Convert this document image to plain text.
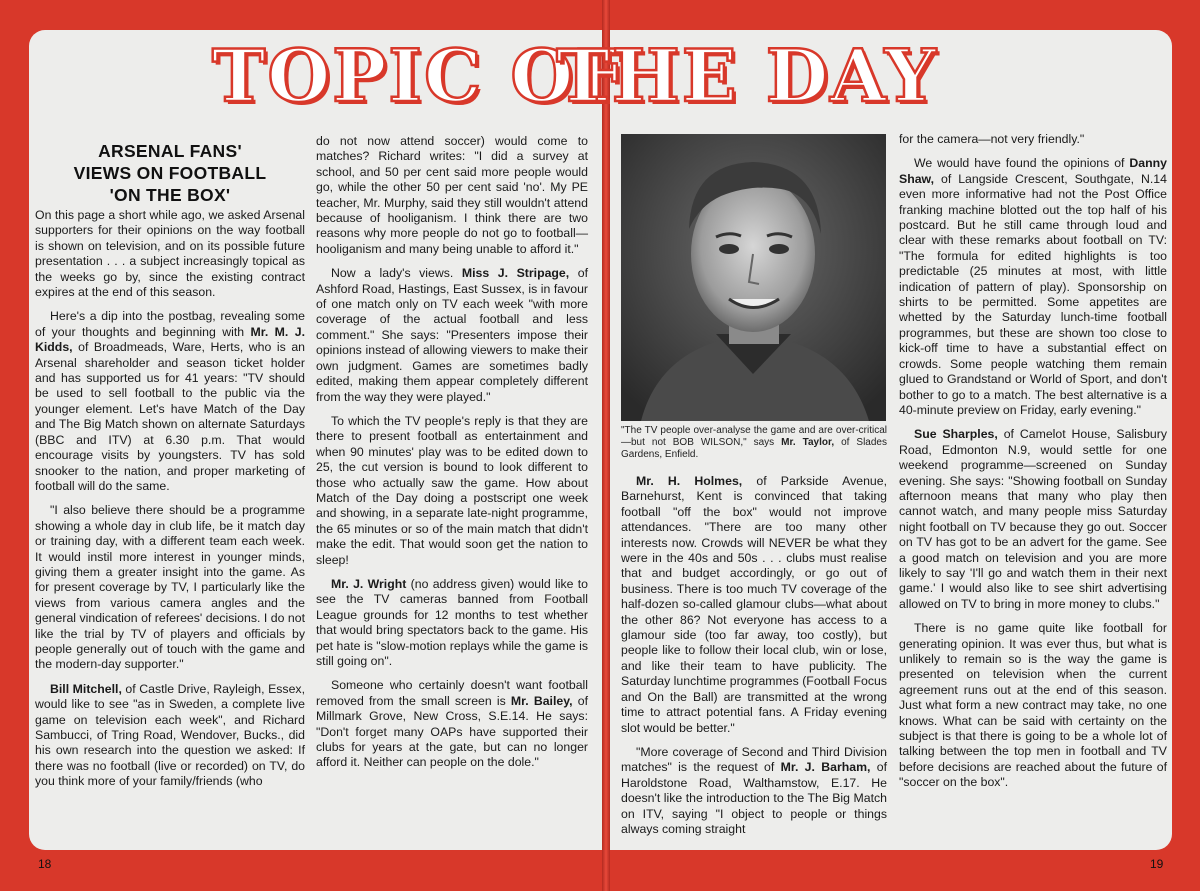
TOPIC OF
THE DAY
ARSENAL FANS'
VIEWS ON FOOTBALL
'ON THE BOX'

On this page a short while ago, we asked Arsenal supporters for their opinions on the way football is shown on television, and on its possible future presentation . . . a subject increasingly topical as the weeks go by, since the existing contract expires at the end of this season.

Here's a dip into the postbag, revealing some of your thoughts and beginning with Mr. M. J. Kidds, of Broadmeads, Ware, Herts, who is an Arsenal shareholder and season ticket holder and has supported us for 41 years: "TV should be used to sell football to the public via the younger element. Let's have Match of the Day and The Big Match shown on alternate Saturdays (BBC and ITV) at 6.30 p.m. That would encourage visits by youngsters. TV has sold snooker to the nation, and proper marketing of football will do the same.

"I also believe there should be a programme showing a whole day in club life, be it match day or training day, with a different team each week. It would instil more interest in younger minds, giving them a greater insight into the game. As for present coverage by TV, I particularly like the views from various camera angles and the general vindication of referees' decisions. I do not like the trial by TV of players and officials by people generally out of touch with the game and the modern-day supporter."

Bill Mitchell, of Castle Drive, Rayleigh, Essex, would like to see "as in Sweden, a complete live game on television each week", and Richard Sambucci, of Tring Road, Wendover, Bucks., did his own research into the question we asked: If there was no football (live or recorded) on TV, do you think more of your family/friends (who

do not now attend soccer) would come to matches? Richard writes: "I did a survey at school, and 50 per cent said more people would go, while the other 50 per cent said 'no'. My PE teacher, Mr. Murphy, said they still wouldn't attend because of hooliganism. I think there are two reasons why more people do not go to football—hooliganism and many being unable to afford it."

Now a lady's views. Miss J. Stripage, of Ashford Road, Hastings, East Sussex, is in favour of one match only on TV each week "with more coverage of the actual football and less comment." She says: "Presenters impose their opinions instead of allowing viewers to make their own judgment. Games are sometimes badly edited, making them appear completely different from the way they were played."

To which the TV people's reply is that they are there to present football as entertainment and when 90 minutes' play was to be edited down to 25, the cut version is bound to look different to those who actually saw the game. How about Match of the Day doing a postscript one week and showing, in a separate late-night programme, the 65 minutes or so of the main match that didn't make the edit. That would soon get the nation to sleep!

Mr. J. Wright (no address given) would like to see the TV cameras banned from Football League grounds for 12 months to test whether that would bring spectators back to the game. His pet hate is "slow-motion replays while the game is still going on".

Someone who certainly doesn't want football removed from the small screen is Mr. Bailey, of Millmark Grove, New Cross, S.E.14. He says: "Don't forget many OAPs have supported their clubs for years at the gate, but can no longer afford it. Neither can people on the dole."

"The TV people over-analyse the game and are over-critical—but not BOB WILSON," says Mr. Taylor, of Slades Gardens, Enfield.

Mr. H. Holmes, of Parkside Avenue, Barnehurst, Kent is convinced that taking football "off the box" would not improve attendances. "There are too many other interests now. Crowds will NEVER be what they were in the 40s and 50s . . . clubs must realise that and budget accordingly, or go out of business. There is too much TV coverage of the half-dozen so-called glamour clubs—what about the other 86? Not everyone has access to a glamour side (too far away, too costly), but people like to follow their local club, win or lose, and like their team to have publicity. The Saturday lunchtime programmes (Football Focus and On the Ball) are transmitted at the wrong time to attract potential fans. A Friday evening slot would be better."

"More coverage of Second and Third Division matches" is the request of Mr. J. Barham, of Haroldstone Road, Walthamstow, E.17. He doesn't like the introduction to the The Big Match on ITV, saying "I object to people or things always coming straight

for the camera—not very friendly."

We would have found the opinions of Danny Shaw, of Langside Crescent, Southgate, N.14 even more informative had not the Post Office franking machine blotted out the top half of his postcard. But he still came through loud and clear with these remarks about football on TV: "The formula for edited highlights is too predictable (25 minutes at most, with little indication of pattern of play). Sponsorship on shirts to be permitted. Some appetites are whetted by the Saturday lunch-time football programmes, but these are shown too close to kick-off time to have a substantial effect on crowds. Some people watching them remain glued to Grandstand or World of Sport, and don't bother to go to a match. The best alternative is a 40-minute preview on Friday, early evening."

Sue Sharples, of Camelot House, Salisbury Road, Edmonton N.9, would settle for one weekend programme—screened on Sunday evening. She says: "Showing football on Sunday afternoon means that many who play then cannot watch, and many people miss Saturday night football on TV because they go out. Soccer on TV has got to be an advert for the game. See a good match on television and you are more likely to say 'I'll go and watch them in their next game.' I would also like to see shirt advertising allowed on TV to bring in more money to clubs."

There is no game quite like football for generating opinion. It was ever thus, but what is unlikely to remain so is the way the game is presented on television when the current agreement runs out at the end of this season. Just what form a new contract may take, no one knows. What can be said with certainty on the subject is that there is going to be a whole lot of talking between the top men in football and TV before decisions are reached about the future of "soccer on the box".

18	19
